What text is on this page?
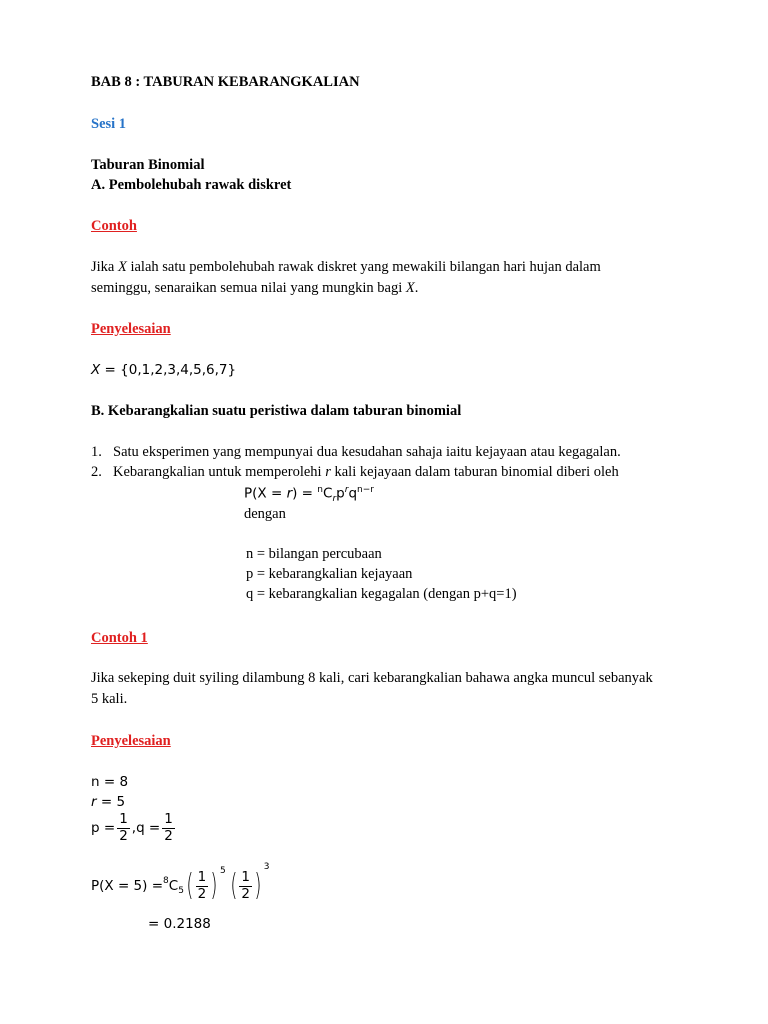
BAB 8 : TABURAN KEBARANGKALIAN
Sesi 1
Taburan Binomial
A. Pembolehubah rawak diskret
Contoh
Jika X ialah satu pembolehubah rawak diskret yang mewakili bilangan hari hujan dalam
seminggu, senaraikan semua nilai yang mungkin bagi X.
Penyelesaian
X = {0,1,2,3,4,5,6,7}
B. Kebarangkalian suatu peristiwa dalam taburan binomial
1. Satu eksperimen yang mempunyai dua kesudahan sahaja iaitu kejayaan atau kegagalan.
2. Kebarangkalian untuk memperolehi r kali kejayaan dalam taburan binomial diberi oleh
$P(X = r) = ^nC_rp^rq^{n-r}$
dengan
n = bilangan percubaan
p = kebarangkalian kejayaan
q = kebarangkalian kegagalan (dengan p+q=1)
Contoh 1
Jika sekeping duit syiling dilambung 8 kali, cari kebarangkalian bahawa angka muncul sebanyak
5 kali.
Penyelesaian
n = 8
r = 5
$p = \frac{1}{2} ,q = \frac{1}{2}$
P(X = 5) = $^8$ $C_5$ ( $\frac{1}{2}$ ) $^5$ ( $\frac{1}{2}$ )
$^3$
= 0.2188
